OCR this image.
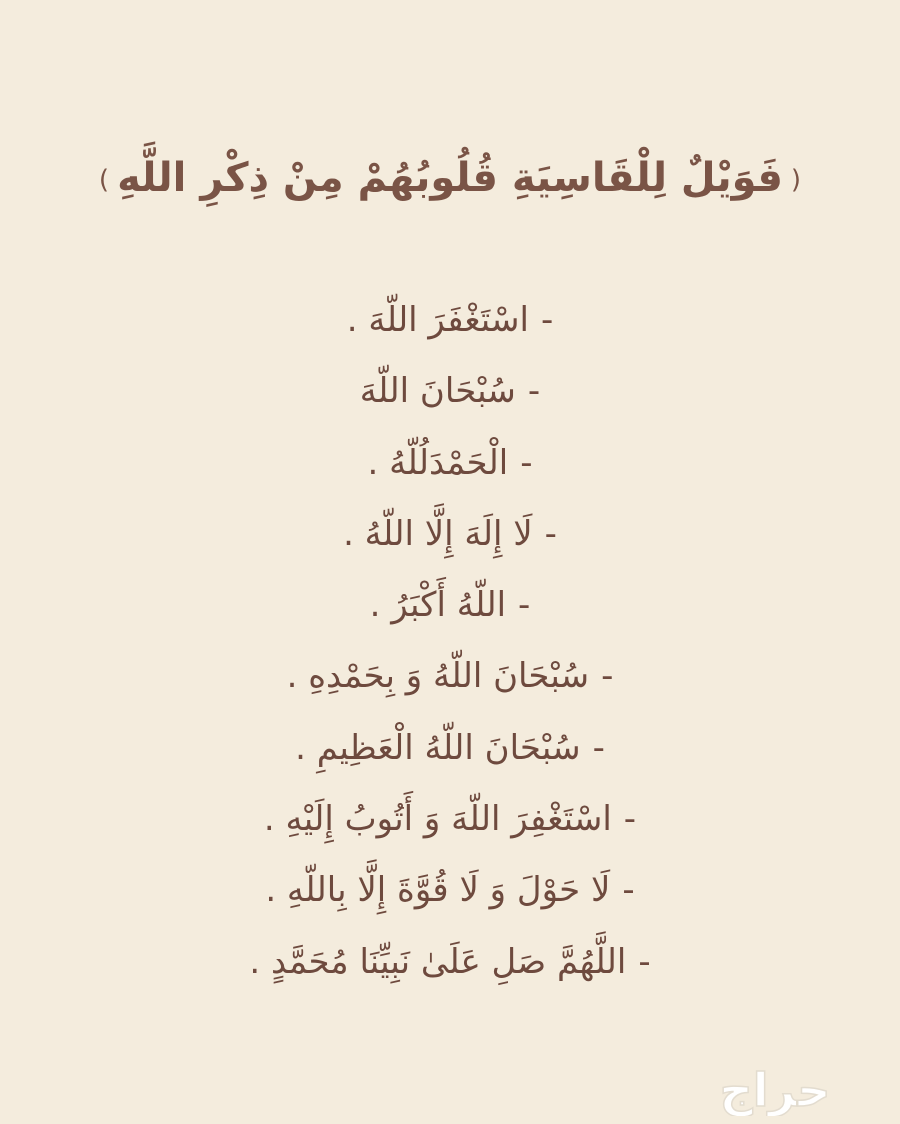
(فَوَيْلٌ لِلْقَاسِيَةِ قُلُوبُهُمْ مِنْ ذِكْرِ اللَّهِ)
-اسْتَغْفَرَ اللّهَ .
-سُبْحَانَ اللّهَ
-الْحَمْدَلُلّهُ .
-لَا إِلَهَ إِلَّا اللّهُ .
-اللّهُ أَكْبَرُ .
-سُبْحَانَ اللّهُ وَ بِحَمْدِهِ .
-سُبْحَانَ اللّهُ الْعَظِيمِ .
-اسْتَغْفِرَ اللّهَ وَ أَتُوبُ إِلَيْهِ .
-لَا حَوْلَ وَ لَا قُوَّةَ إِلَّا بِاللّهِ .
-اللَّهُمَّ صَلِ عَلَىٰ نَبِيِّنَا مُحَمَّدٍ .
حراج
